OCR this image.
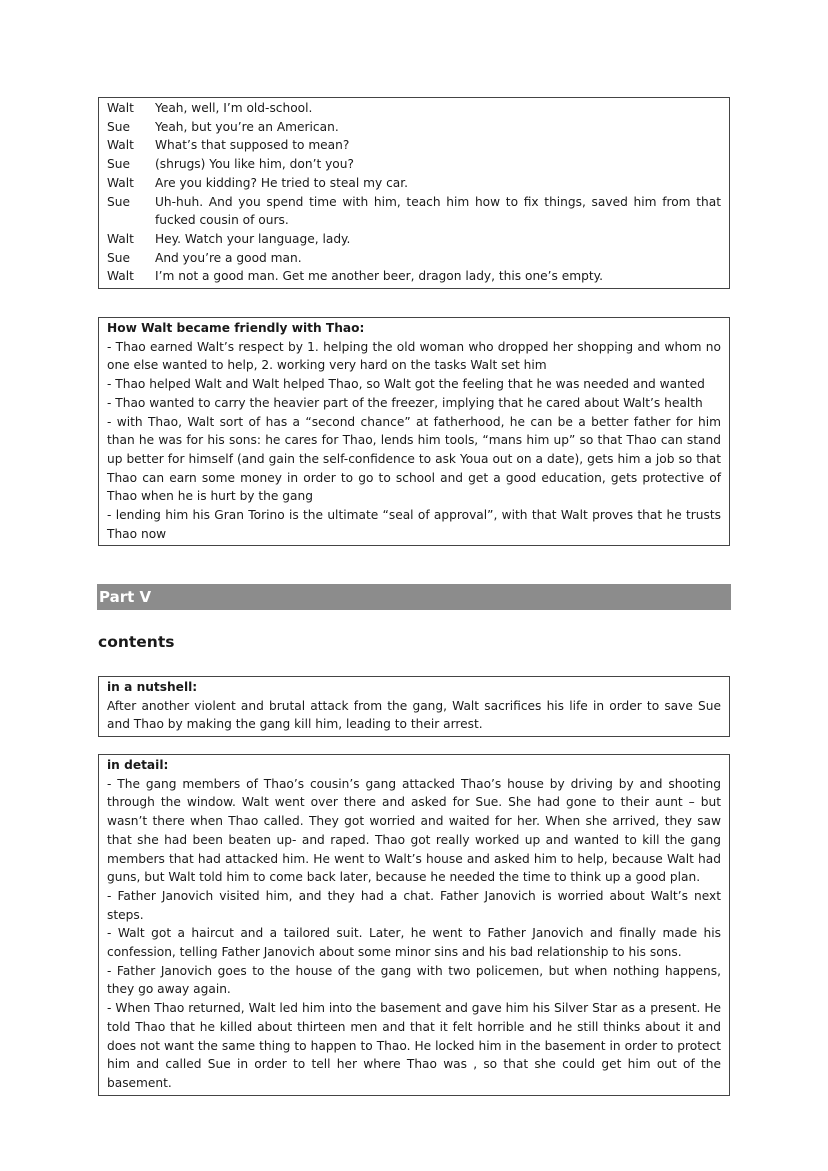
Walt	Yeah, well, I’m old-school.
Sue	Yeah, but you’re an American.
Walt	What’s that supposed to mean?
Sue	(shrugs) You like him, don’t you?
Walt	Are you kidding? He tried to steal my car.
Sue	Uh-huh. And you spend time with him, teach him how to fix things, saved him from that fucked cousin of ours.
Walt	Hey. Watch your language, lady.
Sue	And you’re a good man.
Walt	I’m not a good man. Get me another beer, dragon lady, this one’s empty.
How Walt became friendly with Thao:
- Thao earned Walt’s respect by 1. helping the old woman who dropped her shopping and whom no one else wanted to help, 2. working very hard on the tasks Walt set him
- Thao helped Walt and Walt helped Thao, so Walt got the feeling that he was needed and wanted
- Thao wanted to carry the heavier part of the freezer, implying that he cared about Walt’s health
- with Thao, Walt sort of has a “second chance” at fatherhood, he can be a better father for him than he was for his sons: he cares for Thao, lends him tools, “mans him up” so that Thao can stand up better for himself (and gain the self-confidence to ask Youa out on a date), gets him a job so that Thao can earn some money in order to go to school and get a good education, gets protective of Thao when he is hurt by the gang
- lending him his Gran Torino is the ultimate “seal of approval”, with that Walt proves that he trusts Thao now
Part V
contents
in a nutshell:
After another violent and brutal attack from the gang, Walt sacrifices his life in order to save Sue and Thao by making the gang kill him, leading to their arrest.
in detail:
- The gang members of Thao’s cousin’s gang attacked Thao’s house by driving by and shooting through the window. Walt went over there and asked for Sue. She had gone to their aunt – but wasn’t there when Thao called. They got worried and waited for her. When she arrived, they saw that she had been beaten up- and raped. Thao got really worked up and wanted to kill the gang members that had attacked him. He went to Walt’s house and asked him to help, because Walt had guns, but Walt told him to come back later, because he needed the time to think up a good plan.
- Father Janovich visited him, and they had a chat. Father Janovich is worried about Walt’s next steps.
- Walt got a haircut and a tailored suit. Later, he went to Father Janovich and finally made his confession, telling Father Janovich about some minor sins and his bad relationship to his sons.
- Father Janovich goes to the house of the gang with two policemen, but when nothing happens, they go away again.
- When Thao returned, Walt led him into the basement and gave him his Silver Star as a present. He told Thao that he killed about thirteen men and that it felt horrible and he still thinks about it and does not want the same thing to happen to Thao. He locked him in the basement in order to protect him and called Sue in order to tell her where Thao was , so that she could get him out of the basement.
